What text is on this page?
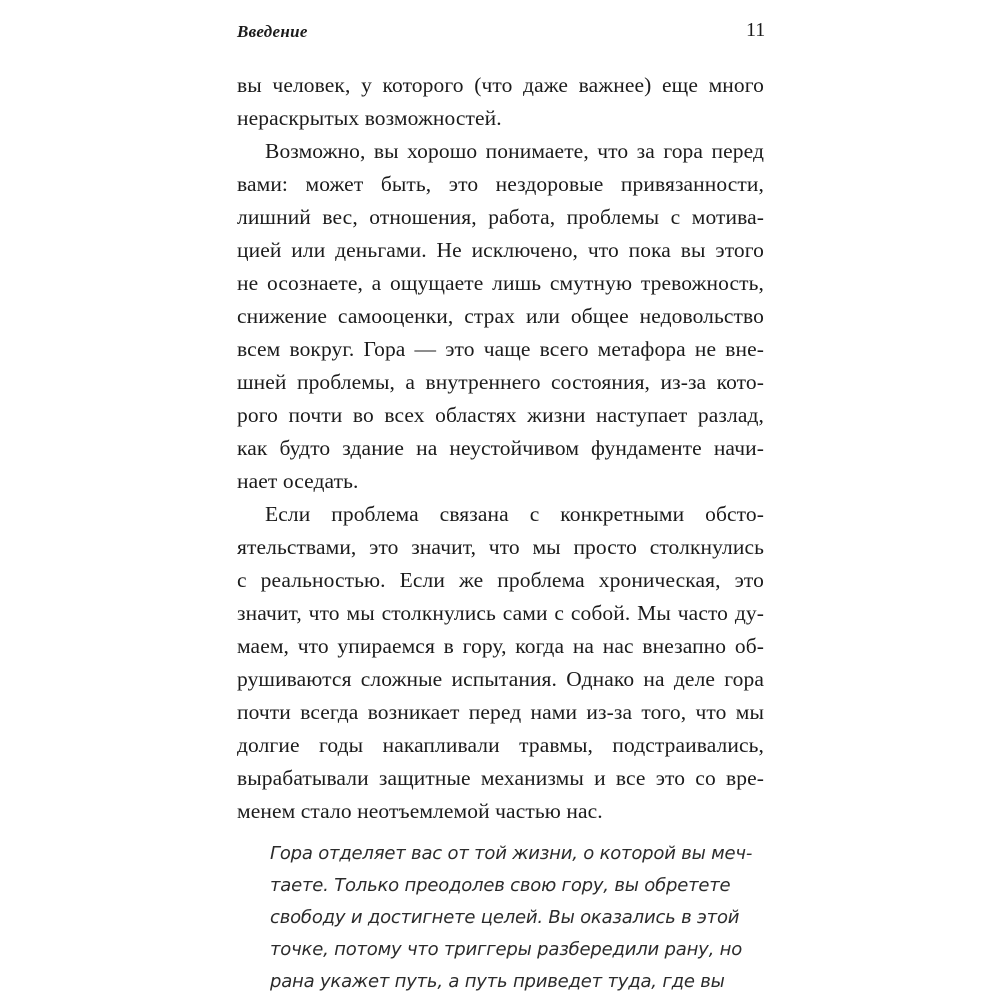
Введение	11
вы человек, у которого (что даже важнее) еще много
нераскрытых возможностей.
Возможно, вы хорошо понимаете, что за гора перед
вами: может быть, это нездоровые привязанности,
лишний вес, отношения, работа, проблемы с мотива-
цией или деньгами. Не исключено, что пока вы этого
не осознаете, а ощущаете лишь смутную тревожность,
снижение самооценки, страх или общее недовольство
всем вокруг. Гора — это чаще всего метафора не вне-
шней проблемы, а внутреннего состояния, из-за кото-
рого почти во всех областях жизни наступает разлад,
как будто здание на неустойчивом фундаменте начи-
нает оседать.
Если проблема связана с конкретными обсто-
ятельствами, это значит, что мы просто столкнулись
с реальностью. Если же проблема хроническая, это
значит, что мы столкнулись сами с собой. Мы часто ду-
маем, что упираемся в гору, когда на нас внезапно об-
рушиваются сложные испытания. Однако на деле гора
почти всегда возникает перед нами из-за того, что мы
долгие годы накапливали травмы, подстраивались,
вырабатывали защитные механизмы и все это со вре-
менем стало неотъемлемой частью нас.
Гора отделяет вас от той жизни, о которой вы меч-
таете. Только преодолев свою гору, вы обретете
свободу и достигнете целей. Вы оказались в этой
точке, потому что триггеры разбередили рану, но
рана укажет путь, а путь приведет туда, где вы
